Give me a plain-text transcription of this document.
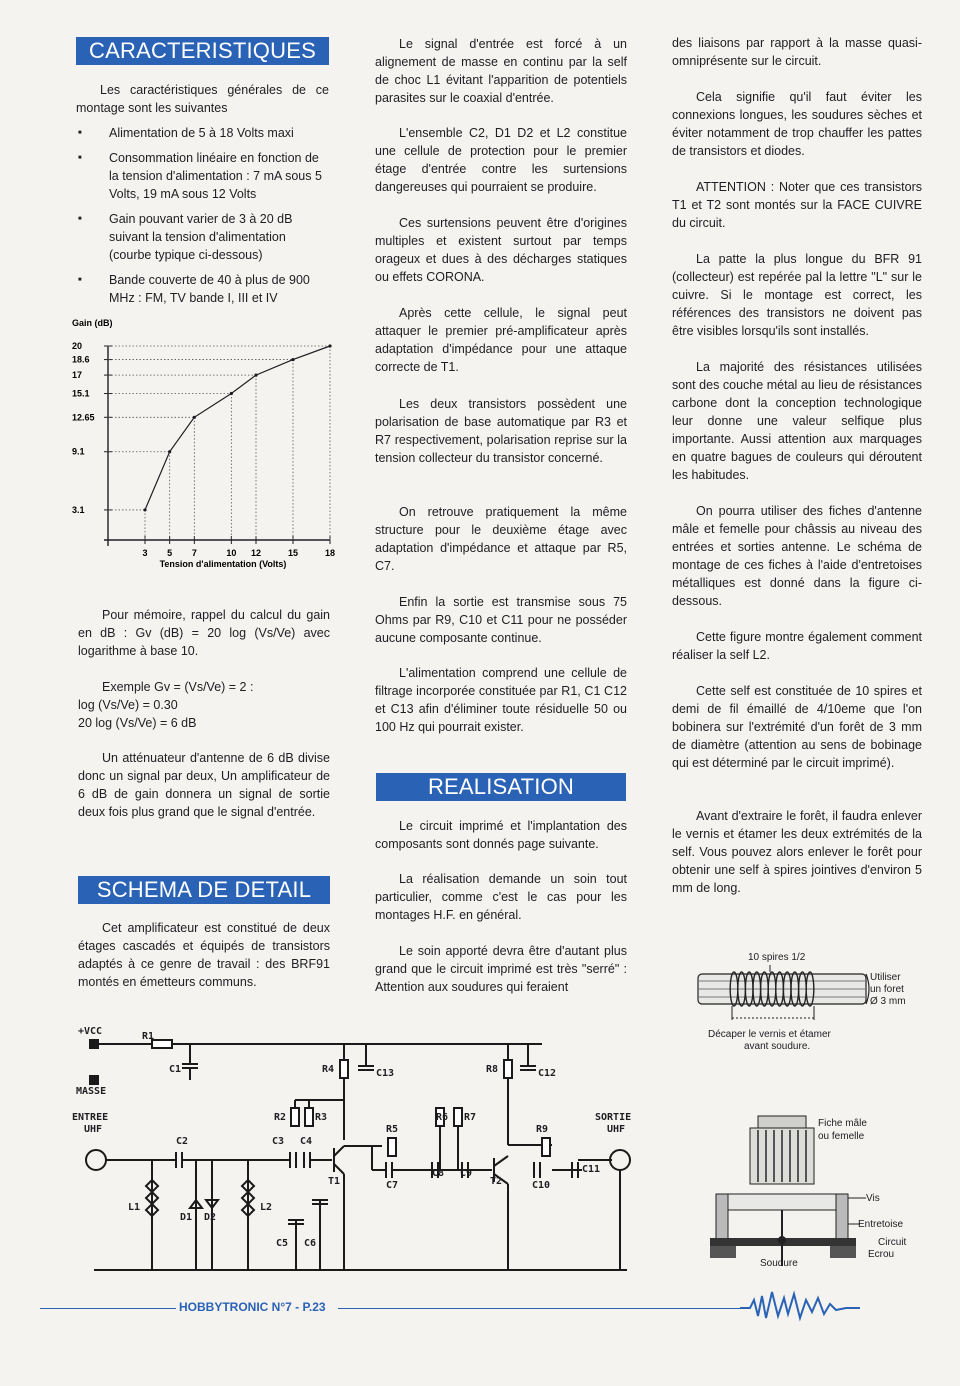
CARACTERISTIQUES

Les caractéristiques générales de ce montage sont les suivantes

■ Alimentation de 5 à 18 Volts maxi
■ Consommation linéaire en fonction de la tension d'alimentation : 7 mA sous 5 Volts, 19 mA sous 12 Volts
■ Gain pouvant varier de 3 à 20 dB suivant la tension d'alimentation (courbe typique ci-dessous)
■ Bande couverte de 40 à plus de 900 MHz : FM, TV bande I, III et IV
Gain (dB)
3.1
9.1
12.65
15.1
17
18.6
20
3 5 7	10 12	15	18
Tension d'alimentation (Volts)

Pour mémoire, rappel du calcul du gain en dB : Gv (dB) = 20 log (Vs/Ve) avec logarithme à base 10.

Exemple Gv = (Vs/Ve) = 2 :

log (Vs/Ve) = 0.30

20 log (Vs/Ve) = 6 dB

Un atténuateur d'antenne de 6 dB divise donc un signal par deux, Un amplificateur de 6 dB de gain donnera un signal de sortie deux fois plus grand que le signal d'entrée.

SCHEMA DE DETAIL

Cet amplificateur est constitué de deux étages cascadés et équipés de transistors adaptés à ce genre de travail : des BRF91 montés en émetteurs communs.

Le signal d'entrée est forcé à un alignement de masse en continu par la self de choc L1 évitant l'apparition de potentiels parasites sur le coaxial d'entrée.

L'ensemble C2, D1 D2 et L2 constitue une cellule de protection pour le premier étage d'entrée contre les surtensions dangereuses qui pourraient se produire.

Ces surtensions peuvent être d'origines multiples et existent surtout par temps orageux et dues à des décharges statiques ou effets CORONA.

Après cette cellule, le signal peut attaquer le premier pré-amplificateur après adaptation d'impédance pour une attaque correcte de T1.

Les deux transistors possèdent une polarisation de base automatique par R3 et R7 respectivement, polarisation reprise sur la tension collecteur du transistor concerné.

On retrouve pratiquement la même structure pour le deuxième étage avec adaptation d'impédance et attaque par R5, C7.

Enfin la sortie est transmise sous 75 Ohms par R9, C10 et C11 pour ne posséder aucune composante continue.

L'alimentation comprend une cellule de filtrage incorporée constituée par R1, C1 C12 et C13 afin d'éliminer toute résiduelle 50 ou 100 Hz qui pourrait exister.

REALISATION

Le circuit imprimé et l'implantation des composants sont donnés page suivante.

La réalisation demande un soin tout particulier, comme c'est le cas pour les montages H.F. en général.

Le soin apporté devra être d'autant plus grand que le circuit imprimé est très "serré" : Attention aux soudures qui feraient

des liaisons par rapport à la masse quasi-omniprésente sur le circuit.

Cela signifie qu'il faut éviter les connexions longues, les soudures sèches et éviter notamment de trop chauffer les pattes de transistors et diodes.

ATTENTION : Noter que ces transistors T1 et T2 sont montés sur la FACE CUIVRE du circuit.

La patte la plus longue du BFR 91 (collecteur) est repérée pal la lettre "L" sur le cuivre. Si le montage est correct, les références des transistors ne doivent pas être visibles lorsqu'ils sont installés.

La majorité des résistances utilisées sont des couche métal au lieu de résistances carbone dont la conception technologique leur donne une valeur selfique plus importante. Aussi attention aux marquages en quatre bagues de couleurs qui déroutent les habitudes.

On pourra utiliser des fiches d'antenne mâle et femelle pour châssis au niveau des entrées et sorties antenne. Le schéma de montage de ces fiches à l'aide d'entretoises métalliques est donné dans la figure ci-dessous.

Cette figure montre également comment réaliser la self L2.

Cette self est constituée de 10 spires et demi de fil émaillé de 4/10eme que l'on bobinera sur l'extrémité d'un forêt de 3 mm de diamètre (attention au sens de bobinage qui est déterminé par le circuit imprimé).

Avant d'extraire le forêt, il faudra enlever le vernis et étamer les deux extrémités de la self. Vous pouvez alors enlever le forêt pour obtenir une self à spires jointives d'environ 5 mm de long.

10 spires 1/2
Utiliser
un foret
Ø 3 mm
Décaper le vernis et étamer
avant soudure.
Fiche mâle
ou femelle
Vis
Entretoise
Circuit
Ecrou
Soudure
+VCC
MASSE
ENTREE
UHF
SORTIE
UHF
R1
C1	R4	C13	R8	C12
R2	R3
C2	C3 C4
L1
D1 D2
L2
T1
R5
C7
R6 R7
C8 C9
T2
R9
C10
C11
C5 C6
HOBBYTRONIC N°7 - P.23
